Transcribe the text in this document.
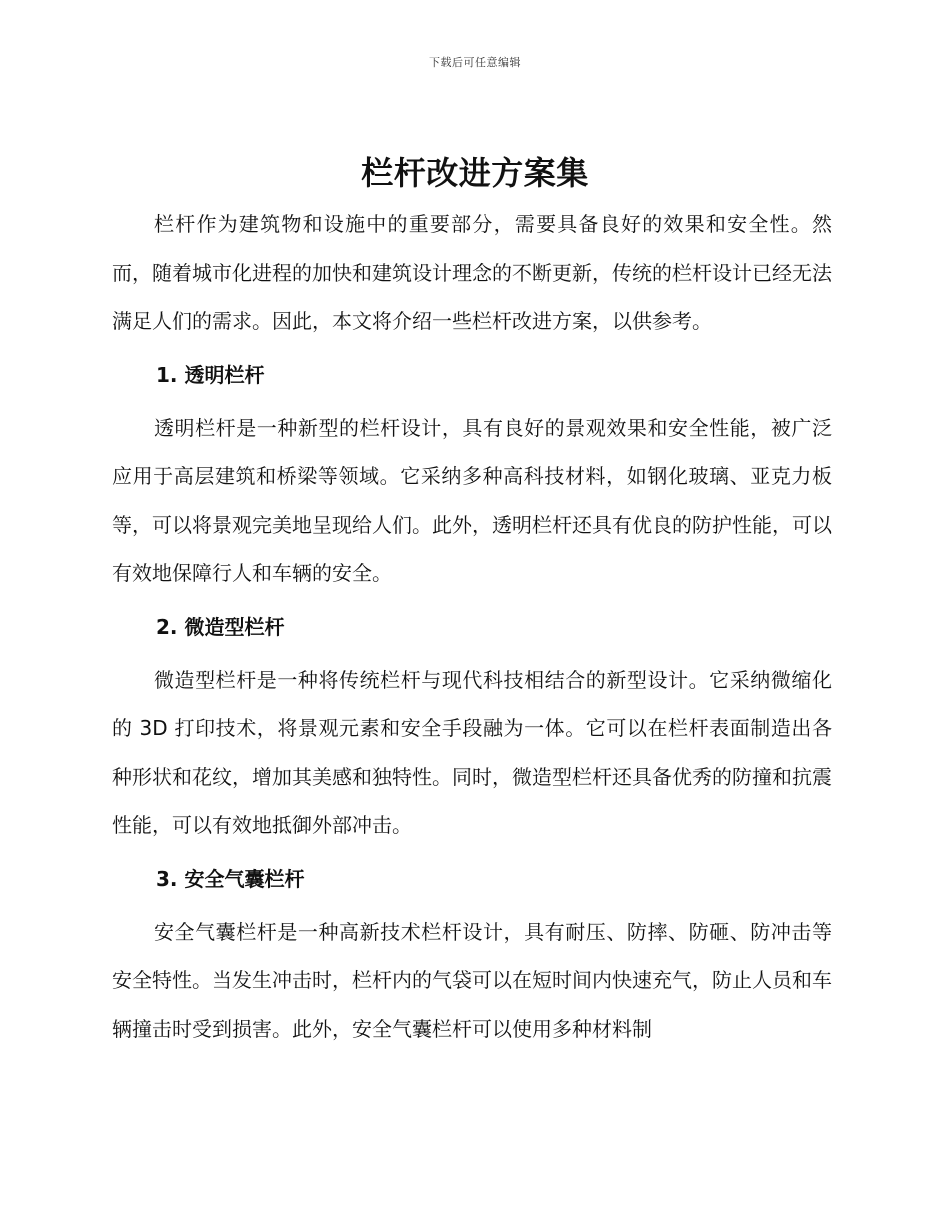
下载后可任意编辑
栏杆改进方案集

栏杆作为建筑物和设施中的重要部分，需要具备良好的效果和安全性。然而，随着城市化进程的加快和建筑设计理念的不断更新，传统的栏杆设计已经无法满足人们的需求。因此，本文将介绍一些栏杆改进方案，以供参考。

1. 透明栏杆

透明栏杆是一种新型的栏杆设计，具有良好的景观效果和安全性能，被广泛应用于高层建筑和桥梁等领域。它采纳多种高科技材料，如钢化玻璃、亚克力板等，可以将景观完美地呈现给人们。此外，透明栏杆还具有优良的防护性能，可以有效地保障行人和车辆的安全。

2. 微造型栏杆

微造型栏杆是一种将传统栏杆与现代科技相结合的新型设计。它采纳微缩化的 3D 打印技术，将景观元素和安全手段融为一体。它可以在栏杆表面制造出各种形状和花纹，增加其美感和独特性。同时，微造型栏杆还具备优秀的防撞和抗震性能，可以有效地抵御外部冲击。

3. 安全气囊栏杆

安全气囊栏杆是一种高新技术栏杆设计，具有耐压、防摔、防砸、防冲击等安全特性。当发生冲击时，栏杆内的气袋可以在短时间内快速充气，防止人员和车辆撞击时受到损害。此外，安全气囊栏杆可以使用多种材料制
